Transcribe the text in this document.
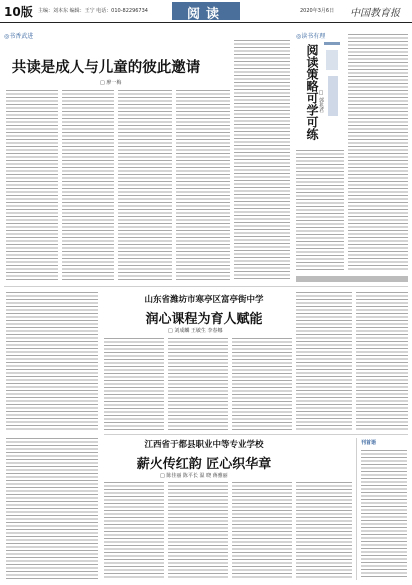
10版 主编：刘本东 编辑：王宁 电话：010-82296734	阅读	2020年3月6日 中国教育报
◎书香武进
共读是成人与儿童的彼此邀请
□ 廖一梅
◎读书有理
阅读策略可学可练 □ 郭兆君
山东省潍坊市寒亭区富亭街中学
润心课程为育人赋能
□ 刘成麟 王敏生 李春娜
江西省于都县职业中等专业学校
薪火传红韵 匠心织华章
□ 陈佳丽 陈平长 温 晓 蒋雅丽
刊首语
